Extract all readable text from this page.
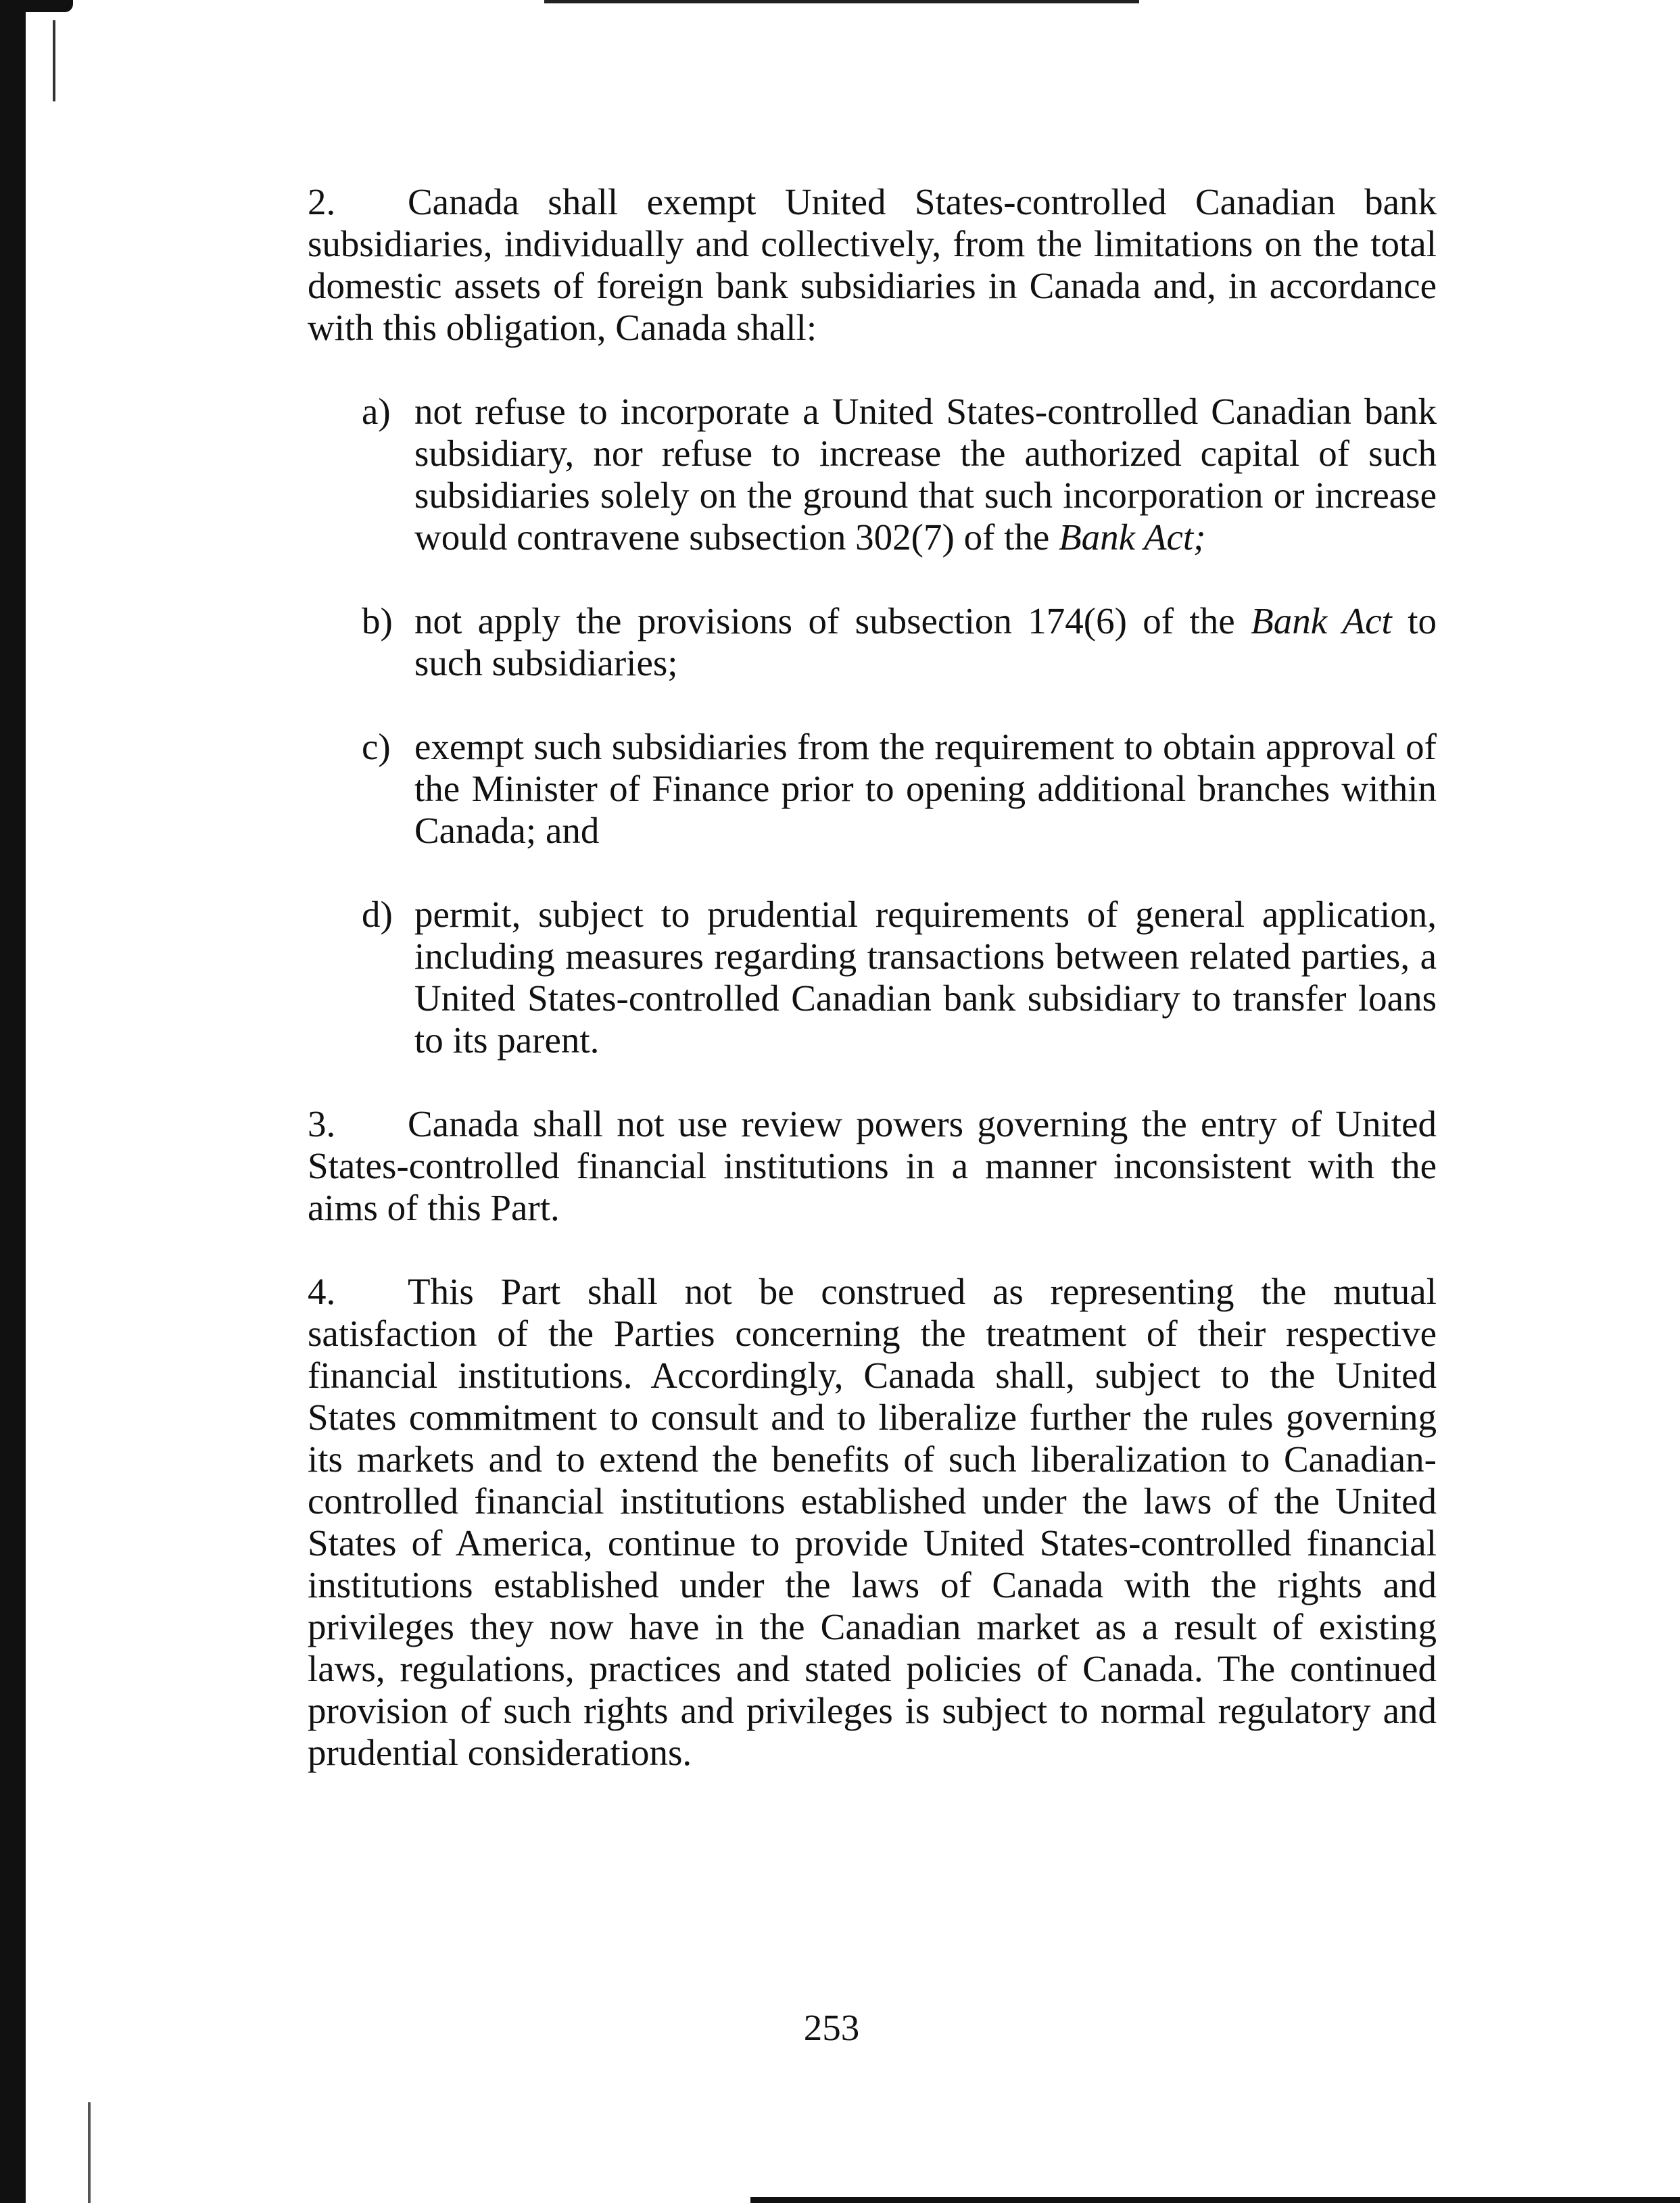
2. Canada shall exempt United States-controlled Canadian bank subsidiaries, individually and collectively, from the limitations on the total domestic assets of foreign bank subsidiaries in Canada and, in accordance with this obligation, Canada shall:

a) not refuse to incorporate a United States-controlled Canadian bank subsidiary, nor refuse to increase the authorized capital of such subsidiaries solely on the ground that such incorporation or increase would contravene subsection 302(7) of the Bank Act;
b) not apply the provisions of subsection 174(6) of the Bank Act to such subsidiaries;
c) exempt such subsidiaries from the requirement to obtain approval of the Minister of Finance prior to opening additional branches within Canada; and
d) permit, subject to prudential requirements of general application, including measures regarding transactions between related parties, a United States-controlled Canadian bank subsidiary to transfer loans to its parent.

3. Canada shall not use review powers governing the entry of United States-controlled financial institutions in a manner inconsistent with the aims of this Part.

4. This Part shall not be construed as representing the mutual satisfaction of the Parties concerning the treatment of their respective financial institutions. Accordingly, Canada shall, subject to the United States commitment to consult and to liberalize further the rules governing its markets and to extend the benefits of such liberalization to Canadian-controlled financial institutions established under the laws of the United States of America, continue to provide United States-controlled financial institutions established under the laws of Canada with the rights and privileges they now have in the Canadian market as a result of existing laws, regulations, practices and stated policies of Canada. The continued provision of such rights and privileges is subject to normal regulatory and prudential considerations.

253
